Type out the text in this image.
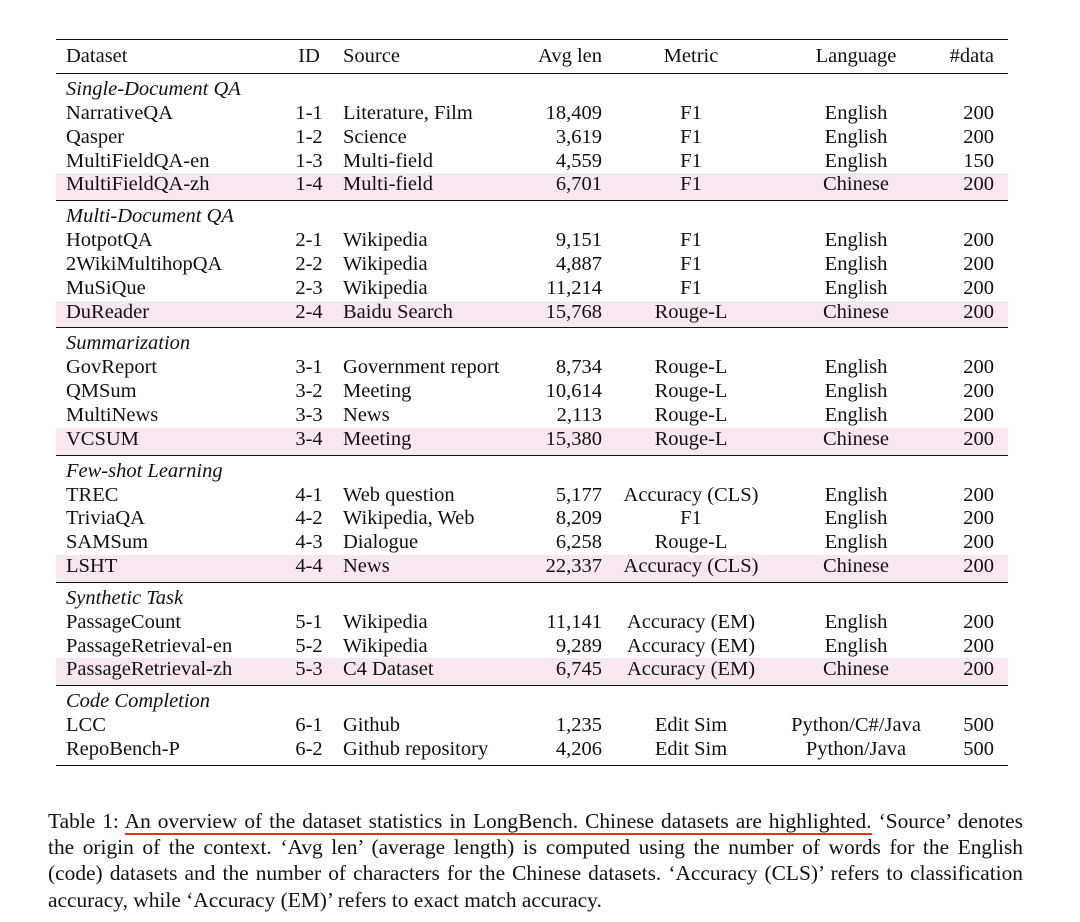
Dataset	ID	Source	Avg len	Metric	Language	#data
Single-Document QA						
NarrativeQA	1-1	Literature, Film	18,409	F1	English	200
Qasper	1-2	Science	3,619	F1	English	200
MultiFieldQA-en	1-3	Multi-field	4,559	F1	English	150
MultiFieldQA-zh	1-4	Multi-field	6,701	F1	Chinese	200
Multi-Document QA						
HotpotQA	2-1	Wikipedia	9,151	F1	English	200
2WikiMultihopQA	2-2	Wikipedia	4,887	F1	English	200
MuSiQue	2-3	Wikipedia	11,214	F1	English	200
DuReader	2-4	Baidu Search	15,768	Rouge-L	Chinese	200
Summarization						
GovReport	3-1	Government report	8,734	Rouge-L	English	200
QMSum	3-2	Meeting	10,614	Rouge-L	English	200
MultiNews	3-3	News	2,113	Rouge-L	English	200
VCSUM	3-4	Meeting	15,380	Rouge-L	Chinese	200
Few-shot Learning						
TREC	4-1	Web question	5,177	Accuracy (CLS)	English	200
TriviaQA	4-2	Wikipedia, Web	8,209	F1	English	200
SAMSum	4-3	Dialogue	6,258	Rouge-L	English	200
LSHT	4-4	News	22,337	Accuracy (CLS)	Chinese	200
Synthetic Task						
PassageCount	5-1	Wikipedia	11,141	Accuracy (EM)	English	200
PassageRetrieval-en	5-2	Wikipedia	9,289	Accuracy (EM)	English	200
PassageRetrieval-zh	5-3	C4 Dataset	6,745	Accuracy (EM)	Chinese	200
Code Completion						
LCC	6-1	Github	1,235	Edit Sim	Python/C#/Java	500
RepoBench-P	6-2	Github repository	4,206	Edit Sim	Python/Java	500
Table 1: An overview of the dataset statistics in LongBench. Chinese datasets are highlighted. ‘Source’ denotes the origin of the context. ‘Avg len’ (average length) is computed using the number of words for the English (code) datasets and the number of characters for the Chinese datasets. ‘Accuracy (CLS)’ refers to classification accuracy, while ‘Accuracy (EM)’ refers to exact match accuracy.
